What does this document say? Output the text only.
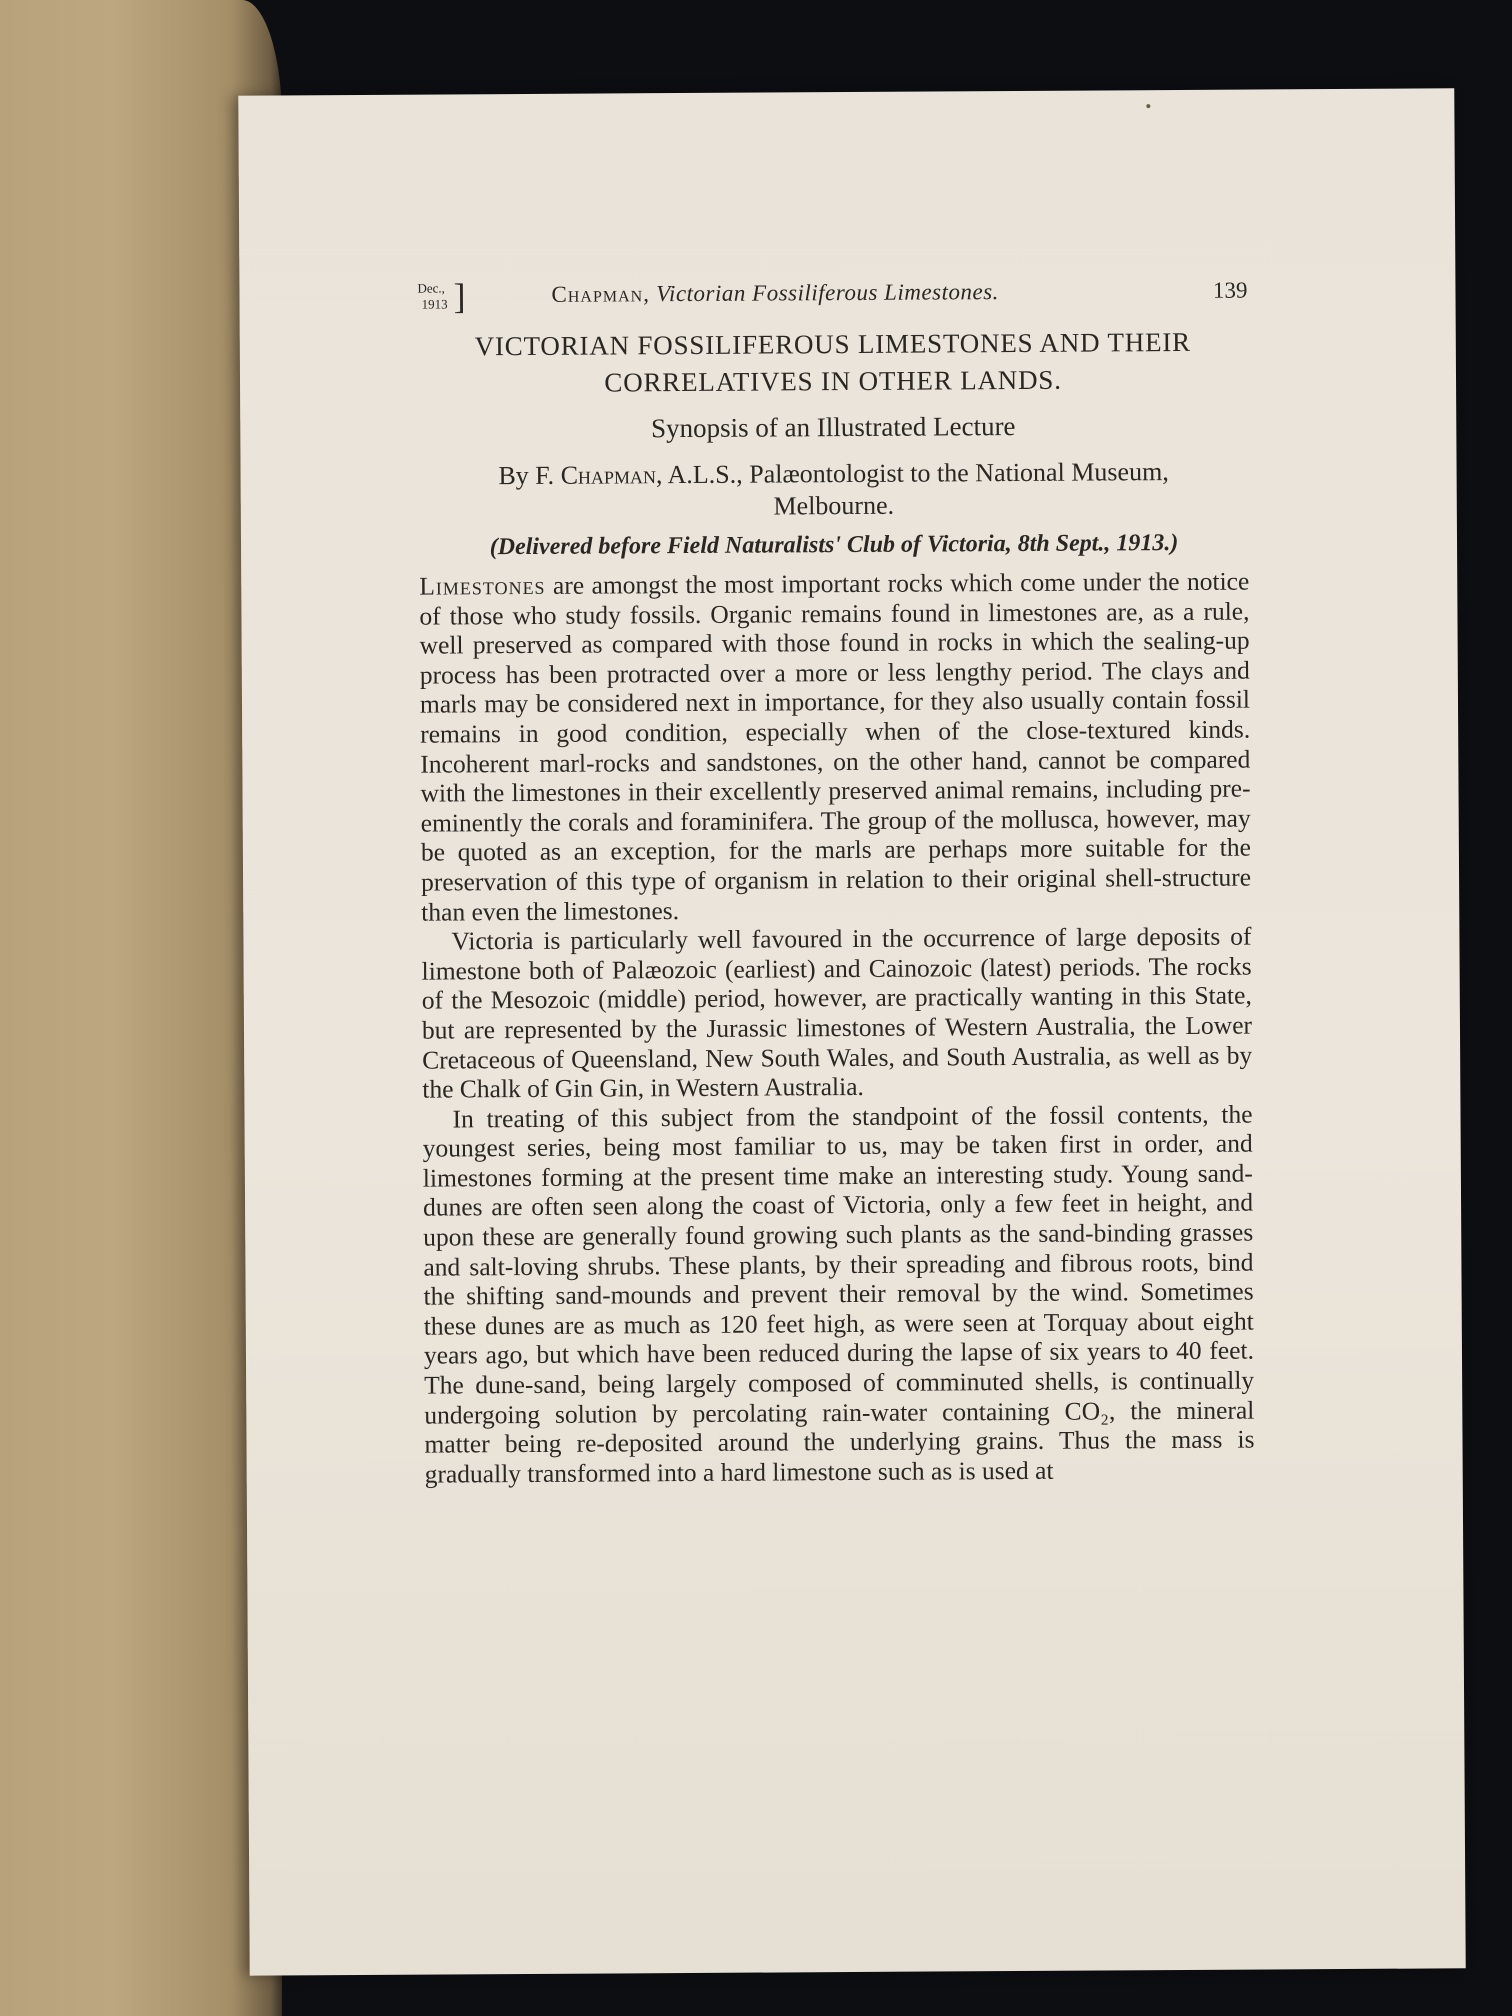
Dec.,
1913 ]	Chapman, Victorian Fossiliferous Limestones.	139
VICTORIAN FOSSILIFEROUS LIMESTONES AND THEIR
CORRELATIVES IN OTHER LANDS.
Synopsis of an Illustrated Lecture
By F. Chapman, A.L.S., Palæontologist to the National Museum,
Melbourne.
(Delivered before Field Naturalists' Club of Victoria, 8th Sept., 1913.)

Limestones are amongst the most important rocks which come under the notice of those who study fossils. Organic remains found in limestones are, as a rule, well preserved as compared with those found in rocks in which the sealing-up process has been protracted over a more or less lengthy period. The clays and marls may be considered next in importance, for they also usually contain fossil remains in good condition, especially when of the close-textured kinds. Incoherent marl-rocks and sandstones, on the other hand, cannot be compared with the limestones in their excellently preserved animal remains, including pre-eminently the corals and foraminifera. The group of the mollusca, however, may be quoted as an exception, for the marls are perhaps more suitable for the preservation of this type of organism in relation to their original shell-structure than even the limestones.

Victoria is particularly well favoured in the occurrence of large deposits of limestone both of Palæozoic (earliest) and Cainozoic (latest) periods. The rocks of the Mesozoic (middle) period, however, are practically wanting in this State, but are represented by the Jurassic limestones of Western Australia, the Lower Cretaceous of Queensland, New South Wales, and South Australia, as well as by the Chalk of Gin Gin, in Western Australia.

In treating of this subject from the standpoint of the fossil contents, the youngest series, being most familiar to us, may be taken first in order, and limestones forming at the present time make an interesting study. Young sand-dunes are often seen along the coast of Victoria, only a few feet in height, and upon these are generally found growing such plants as the sand-binding grasses and salt-loving shrubs. These plants, by their spreading and fibrous roots, bind the shifting sand-mounds and prevent their removal by the wind. Sometimes these dunes are as much as 120 feet high, as were seen at Torquay about eight years ago, but which have been reduced during the lapse of six years to 40 feet. The dune-sand, being largely composed of comminuted shells, is continually undergoing solution by percolating rain-water containing CO₂, the mineral matter being re-deposited around the underlying grains. Thus the mass is gradually transformed into a hard limestone such as is used at
